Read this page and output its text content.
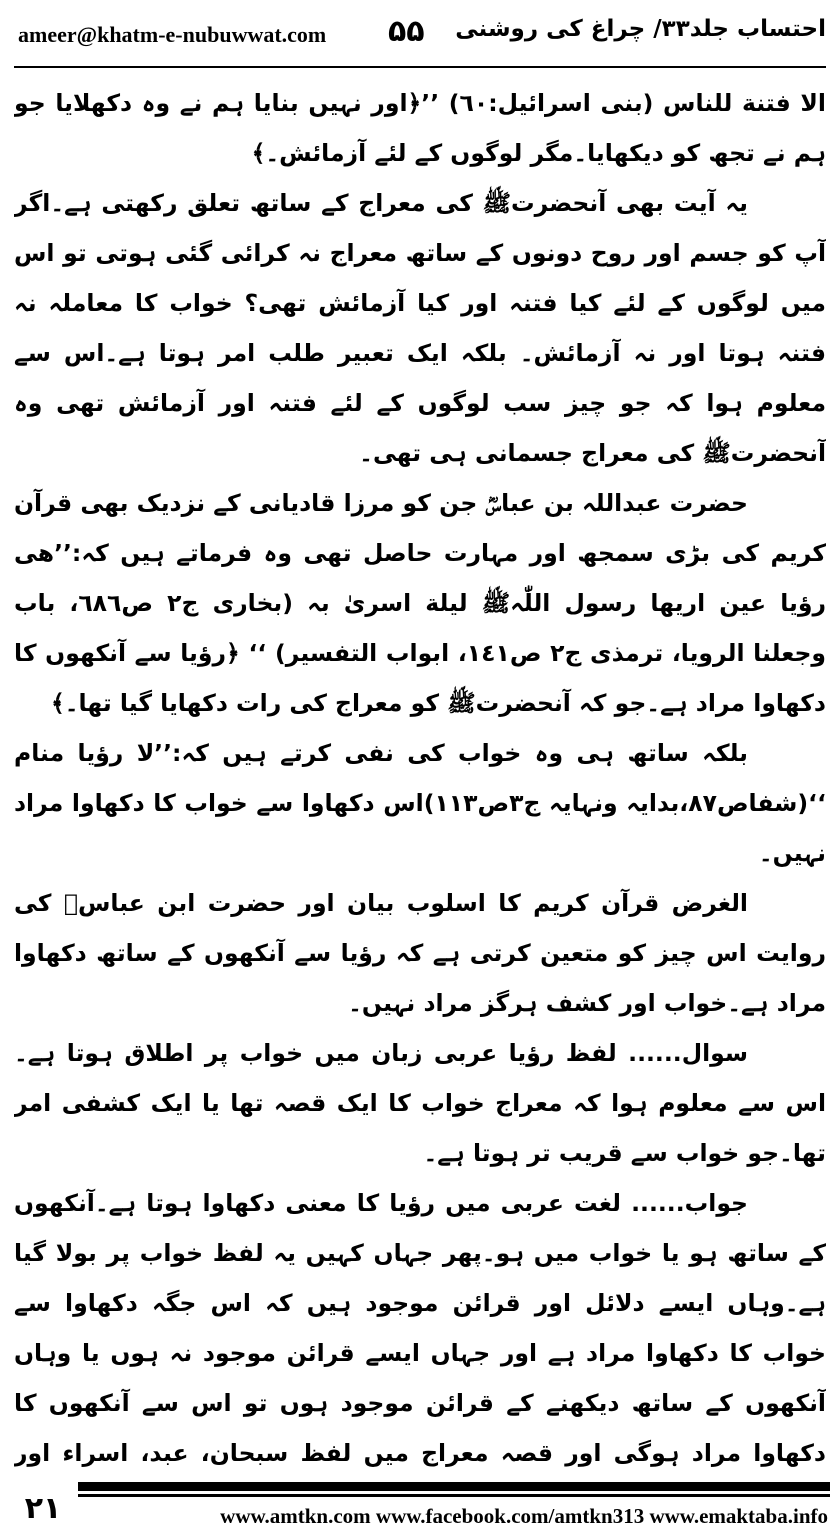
ameer@khatm-e-nubuwwat.com ۵۵ احتساب جلد۳۳/ چراغ کی روشنی

الا فتنة للناس (بنی اسرائیل:٦٠) ’’﴿اور نہیں بنایا ہم نے وہ دکھلایا جو ہم نے تجھ کو دیکھایا۔مگر لوگوں کے لئے آزمائش۔﴾

یہ آیت بھی آنحضرتﷺ کی معراج کے ساتھ تعلق رکھتی ہے۔اگر آپ کو جسم اور روح دونوں کے ساتھ معراج نہ کرائی گئی ہوتی تو اس میں لوگوں کے لئے کیا فتنہ اور کیا آزمائش تھی؟ خواب کا معاملہ نہ فتنہ ہوتا اور نہ آزمائش۔ بلکہ ایک تعبیر طلب امر ہوتا ہے۔اس سے معلوم ہوا کہ جو چیز سب لوگوں کے لئے فتنہ اور آزمائش تھی وہ آنحضرتﷺ کی معراج جسمانی ہی تھی۔

حضرت عبداللہ بن عباسؓ جن کو مرزا قادیانی کے نزدیک بھی قرآن کریم کی بڑی سمجھ اور مہارت حاصل تھی وہ فرماتے ہیں کہ:’’ھی رؤیا عین اریھا رسول اللّٰہﷺ لیلة اسریٰ بہ (بخاری ج۲ ص٦٨٦، باب وجعلنا الرویا، ترمذی ج۲ ص١٤١، ابواب التفسیر) ‘‘ ﴿رؤیا سے آنکھوں کا دکھاوا مراد ہے۔جو کہ آنحضرتﷺ کو معراج کی رات دکھایا گیا تھا۔﴾

بلکہ ساتھ ہی وہ خواب کی نفی کرتے ہیں کہ:’’لا رؤیا منام ‘‘(شفاص۸۷،بدایہ ونہایہ ج۳ص۱۱۳)اس دکھاوا سے خواب کا دکھاوا مراد نہیں۔

الغرض قرآن کریم کا اسلوب بیان اور حضرت ابن عباسؓ کی روایت اس چیز کو متعین کرتی ہے کہ رؤیا سے آنکھوں کے ساتھ دکھاوا مراد ہے۔خواب اور کشف ہرگز مراد نہیں۔

سوال...... لفظ رؤیا عربی زبان میں خواب پر اطلاق ہوتا ہے۔اس سے معلوم ہوا کہ معراج خواب کا ایک قصہ تھا یا ایک کشفی امر تھا۔جو خواب سے قریب تر ہوتا ہے۔

جواب...... لغت عربی میں رؤیا کا معنی دکھاوا ہوتا ہے۔آنکھوں کے ساتھ ہو یا خواب میں ہو۔پھر جہاں کہیں یہ لفظ خواب پر بولا گیا ہے۔وہاں ایسے دلائل اور قرائن موجود ہیں کہ اس جگہ دکھاوا سے خواب کا دکھاوا مراد ہے اور جہاں ایسے قرائن موجود نہ ہوں یا وہاں آنکھوں کے ساتھ دیکھنے کے قرائن موجود ہوں تو اس سے آنکھوں کا دکھاوا مراد ہوگی اور قصہ معراج میں لفظ سبحان، عبد، اسراء اور

۲۱	www.amtkn.com www.facebook.com/amtkn313 www.emaktaba.info
